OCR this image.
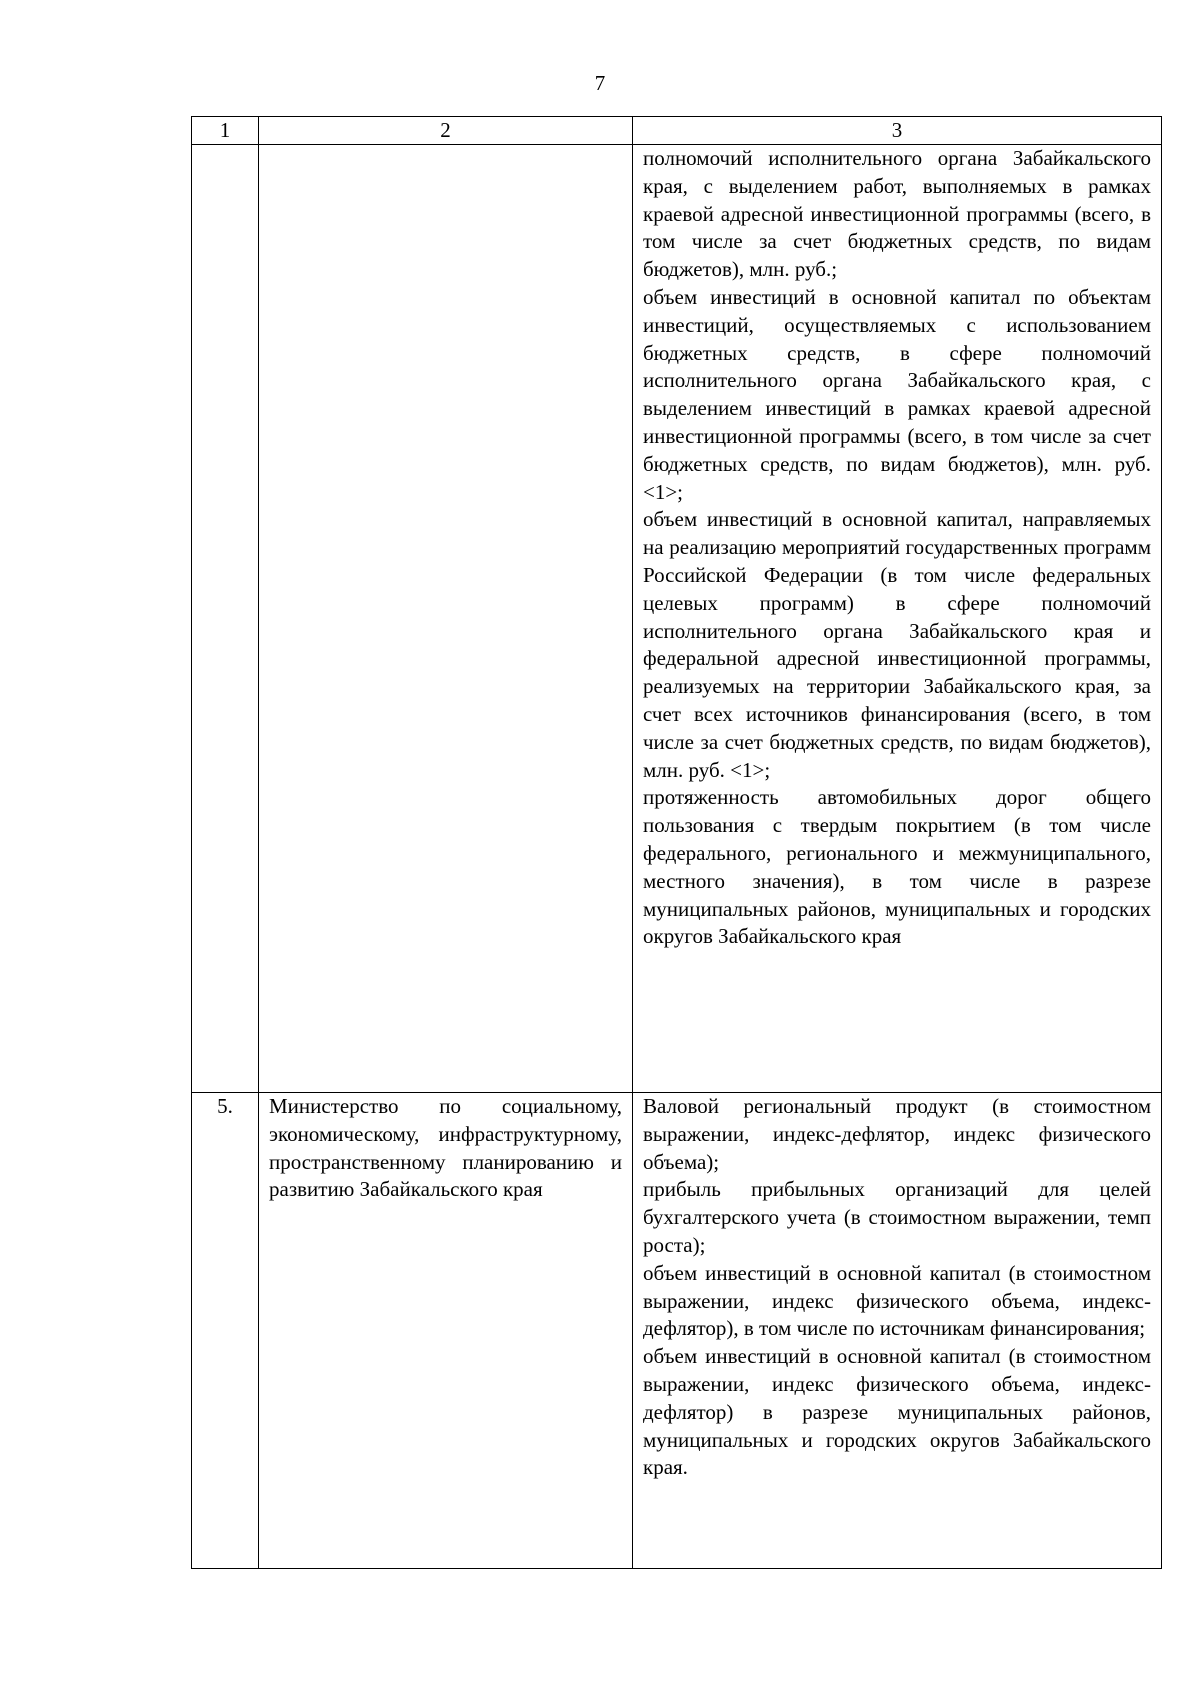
7
1	2	3

		полномочий исполнительного органа Забайкальского края, с выделением работ, выполняемых в рамках краевой адресной инвестиционной программы (всего, в том числе за счет бюджетных средств, по видам бюджетов), млн. руб.;

объем инвестиций в основной капитал по объектам инвестиций, осуществляемых с использованием бюджетных средств, в сфере полномочий исполнительного органа Забайкальского края, с выделением инвестиций в рамках краевой адресной инвестиционной программы (всего, в том числе за счет бюджетных средств, по видам бюджетов), млн. руб. <1>;

объем инвестиций в основной капитал, направляемых на реализацию мероприятий государственных программ Российской Федерации (в том числе федеральных целевых программ) в сфере полномочий исполнительного органа Забайкальского края и федеральной адресной инвестиционной программы, реализуемых на территории Забайкальского края, за счет всех источников финансирования (всего, в том числе за счет бюджетных средств, по видам бюджетов), млн. руб. <1>;

протяженность автомобильных дорог общего пользования с твердым покрытием (в том числе федерального, регионального и межмуниципального, местного значения), в том числе в разрезе муниципальных районов, муниципальных и городских округов Забайкальского края

5.	Министерство по социальному, экономическому, инфраструктурному, пространственному планированию и развитию Забайкальского края	Валовой региональный продукт (в стоимостном выражении, индекс-дефлятор, индекс физического объема);

прибыль прибыльных организаций для целей бухгалтерского учета (в стоимостном выражении, темп роста);

объем инвестиций в основной капитал (в стоимостном выражении, индекс физического объема, индекс-дефлятор), в том числе по источникам финансирования;

объем инвестиций в основной капитал (в стоимостном выражении, индекс физического объема, индекс-дефлятор) в разрезе муниципальных районов, муниципальных и городских округов Забайкальского края.
